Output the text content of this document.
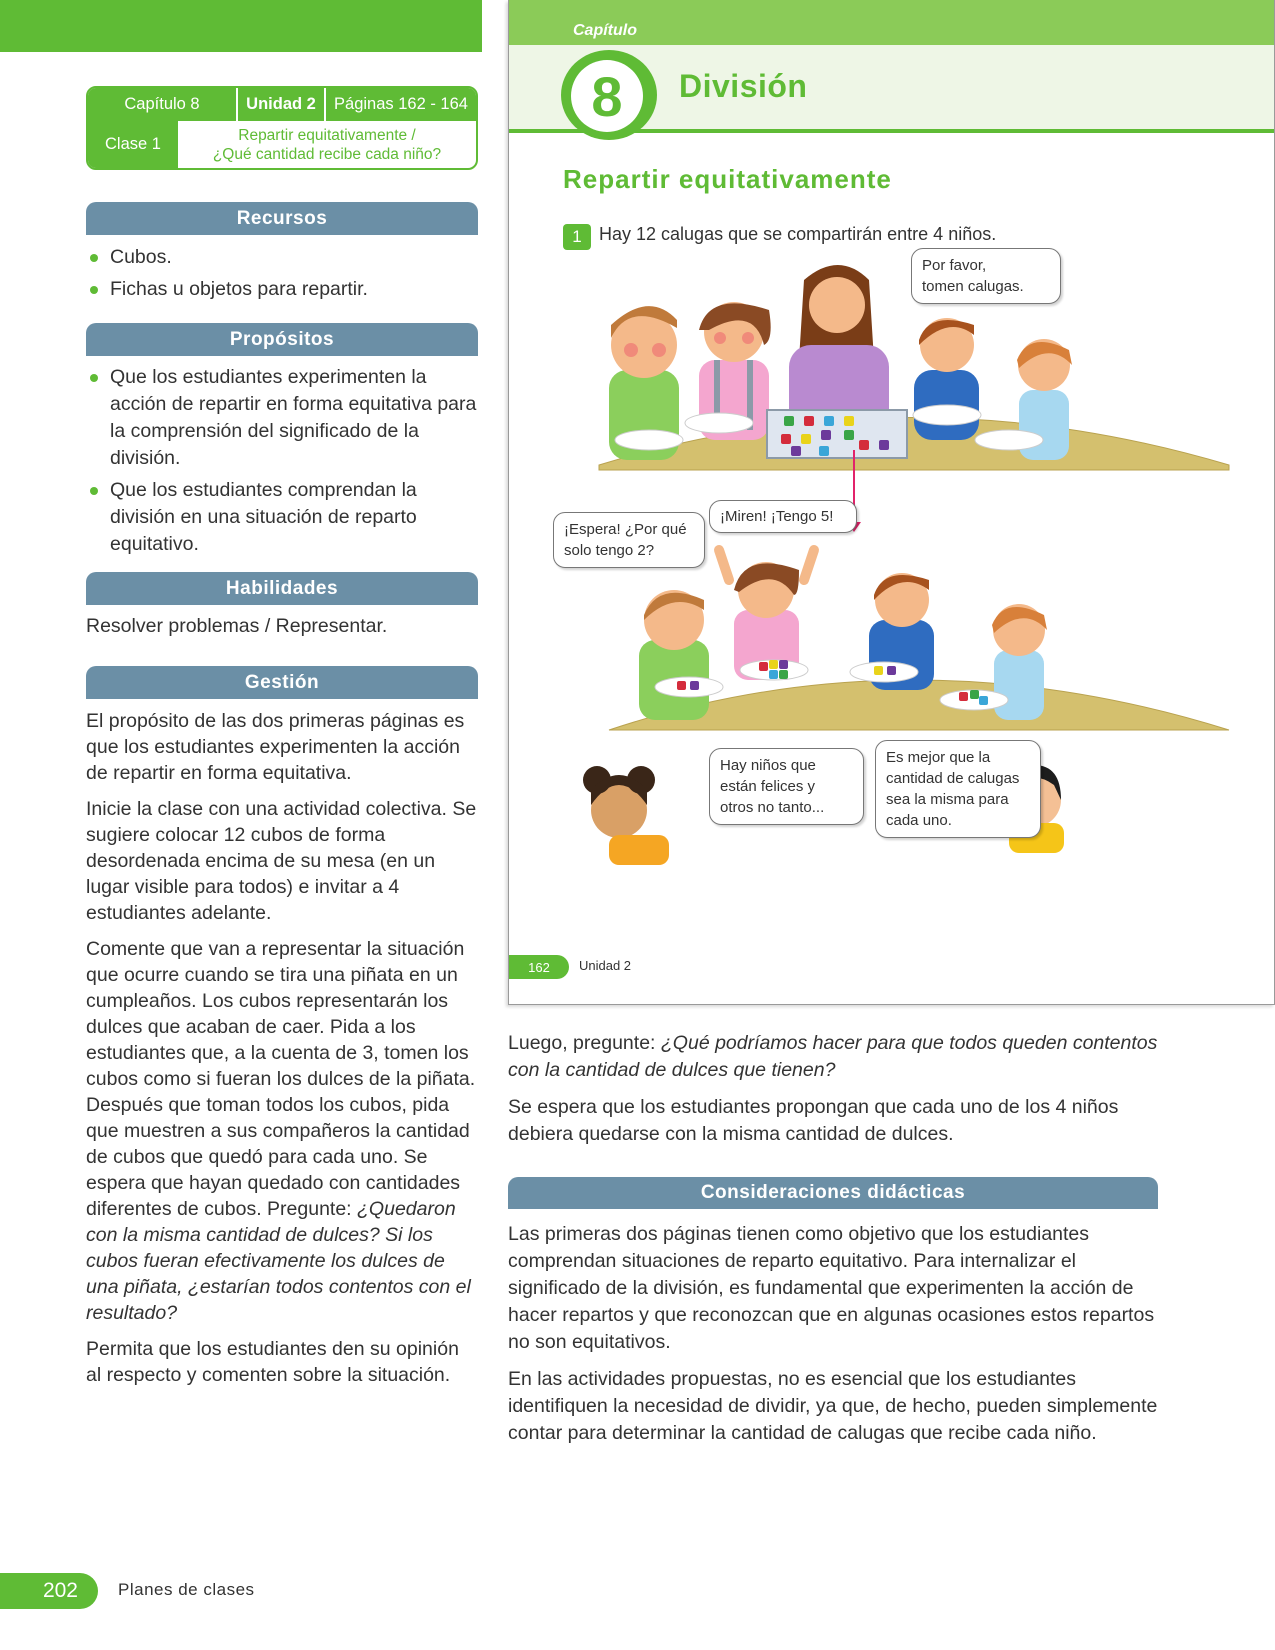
Capítulo 8	Unidad 2	Páginas 162 - 164
Clase 1	Repartir equitativamente /
¿Qué cantidad recibe cada niño?
Recursos
Cubos.
Fichas u objetos para repartir.
Propósitos
Que los estudiantes experimenten la acción de repartir en forma equitativa para la comprensión del significado de la división.
Que los estudiantes comprendan la división en una situación de reparto equitativo.
Habilidades
Resolver problemas / Representar.
Gestión

El propósito de las dos primeras páginas es que los estudiantes experimenten la acción de repartir en forma equitativa.

Inicie la clase con una actividad colectiva. Se sugiere colocar 12 cubos de forma desordenada encima de su mesa (en un lugar visible para todos) e invitar a 4 estudiantes adelante.

Comente que van a representar la situación que ocurre cuando se tira una piñata en un cumpleaños. Los cubos representarán los dulces que acaban de caer. Pida a los estudiantes que, a la cuenta de 3, tomen los cubos como si fueran los dulces de la piñata. Después que toman todos los cubos, pida que muestren a sus compañeros la cantidad de cubos que quedó para cada uno. Se espera que hayan quedado con cantidades diferentes de cubos. Pregunte: ¿Quedaron con la misma cantidad de dulces? Si los cubos fueran efectivamente los dulces de una piñata, ¿estarían todos contentos con el resultado?

Permita que los estudiantes den su opinión al respecto y comenten sobre la situación.

Capítulo
8	División
Repartir equitativamente
1 Hay 12 calugas que se compartirán entre 4 niños.
Por favor,
tomen calugas.
¡Espera! ¿Por qué
solo tengo 2?
¡Miren! ¡Tengo 5!
Hay niños que
están felices y
otros no tanto...
Es mejor que la
cantidad de calugas
sea la misma para
cada uno.
162	Unidad 2

Luego, pregunte: ¿Qué podríamos hacer para que todos queden contentos con la cantidad de dulces que tienen?

Se espera que los estudiantes propongan que cada uno de los 4 niños debiera quedarse con la misma cantidad de dulces.

Consideraciones didácticas

Las primeras dos páginas tienen como objetivo que los estudiantes comprendan situaciones de reparto equitativo. Para internalizar el significado de la división, es fundamental que experimenten la acción de hacer repartos y que reconozcan que en algunas ocasiones estos repartos no son equitativos.

En las actividades propuestas, no es esencial que los estudiantes identifiquen la necesidad de dividir, ya que, de hecho, pueden simplemente contar para determinar la cantidad de calugas que recibe cada niño.

202	Planes de clases
